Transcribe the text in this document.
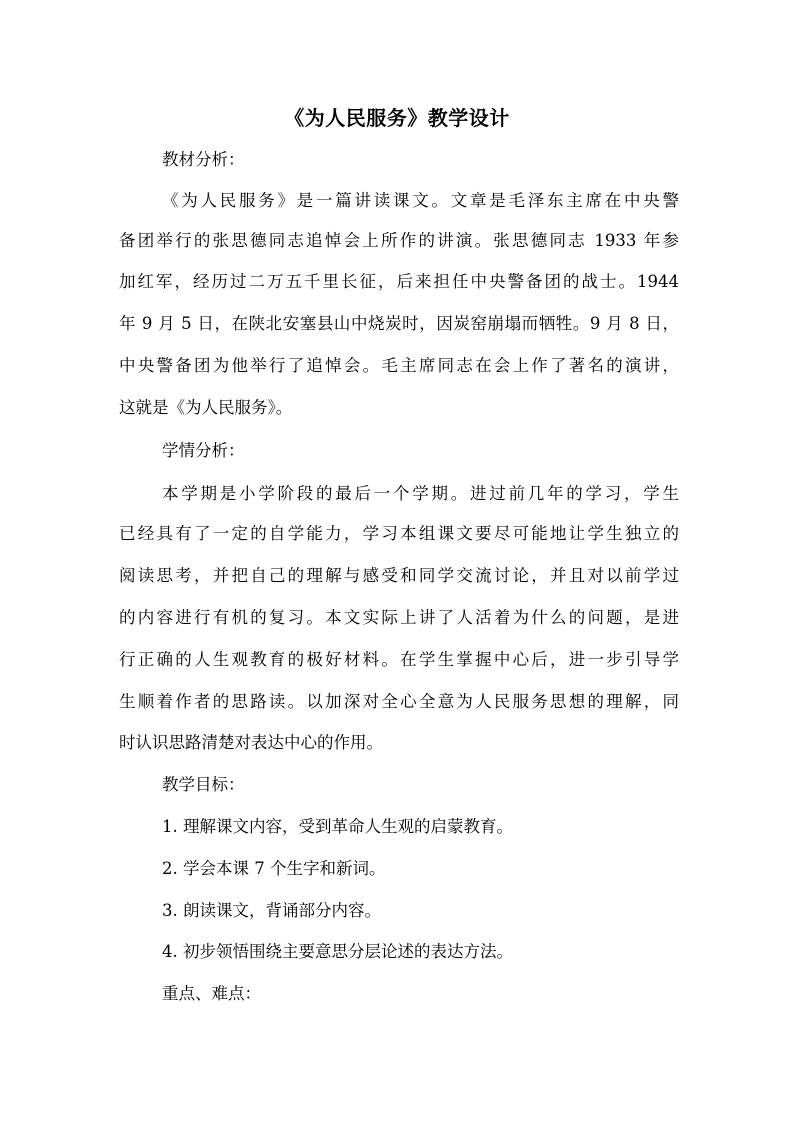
《为人民服务》教学设计
教材分析：
《为人民服务》是一篇讲读课文。文章是毛泽东主席在中央警
备团举行的张思德同志追悼会上所作的讲演。张思德同志 1933 年参
加红军，经历过二万五千里长征，后来担任中央警备团的战士。1944
年 9 月 5 日，在陕北安塞县山中烧炭时，因炭窑崩塌而牺牲。9 月 8 日，
中央警备团为他举行了追悼会。毛主席同志在会上作了著名的演讲，
这就是《为人民服务》。
学情分析：
本学期是小学阶段的最后一个学期。进过前几年的学习，学生
已经具有了一定的自学能力，学习本组课文要尽可能地让学生独立的
阅读思考，并把自己的理解与感受和同学交流讨论，并且对以前学过
的内容进行有机的复习。本文实际上讲了人活着为什么的问题，是进
行正确的人生观教育的极好材料。在学生掌握中心后，进一步引导学
生顺着作者的思路读。以加深对全心全意为人民服务思想的理解，同
时认识思路清楚对表达中心的作用。
教学目标：
1. 理解课文内容，受到革命人生观的启蒙教育。
2. 学会本课 7 个生字和新词。
3. 朗读课文，背诵部分内容。
4. 初步领悟围绕主要意思分层论述的表达方法。
重点、难点：
